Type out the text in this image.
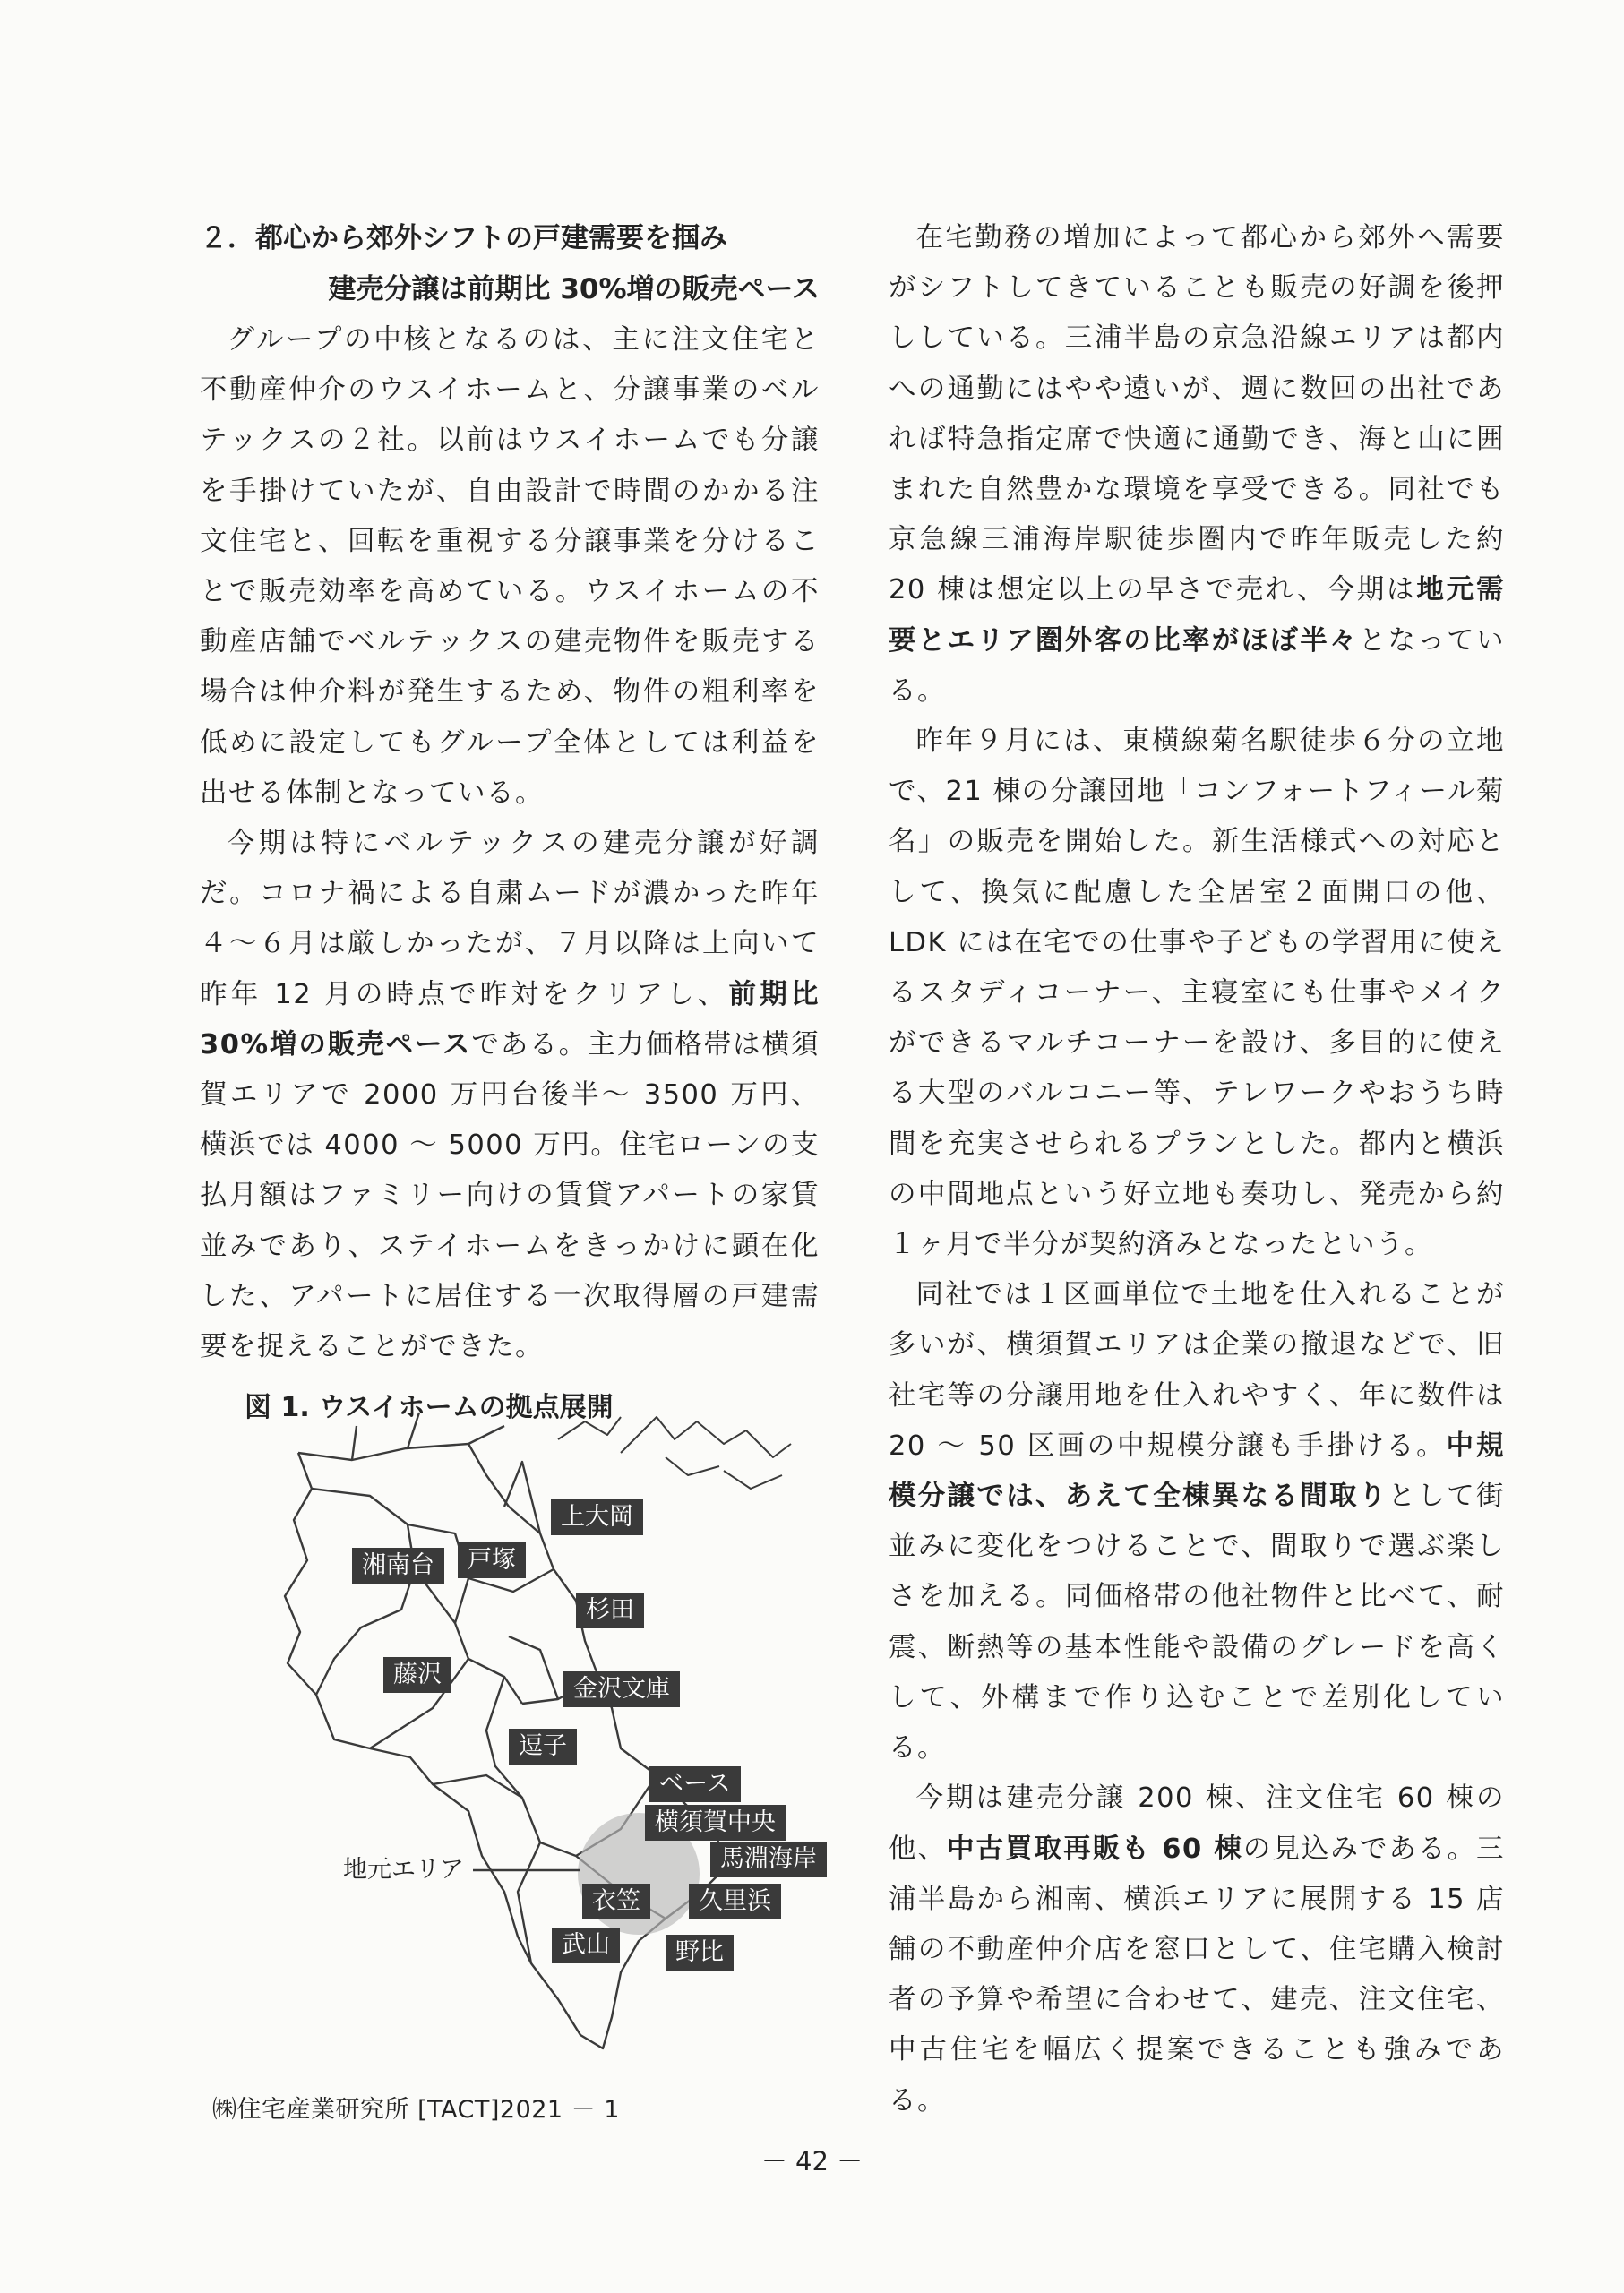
２．都心から郊外シフトの戸建需要を掴み
建売分譲は前期比 30%増の販売ペース

グループの中核となるのは、主に注文住宅と不動産仲介のウスイホームと、分譲事業のベルテックスの２社。以前はウスイホームでも分譲を手掛けていたが、自由設計で時間のかかる注文住宅と、回転を重視する分譲事業を分けることで販売効率を高めている。ウスイホームの不動産店舗でベルテックスの建売物件を販売する場合は仲介料が発生するため、物件の粗利率を低めに設定してもグループ全体としては利益を出せる体制となっている。

今期は特にベルテックスの建売分譲が好調だ。コロナ禍による自粛ムードが濃かった昨年４～６月は厳しかったが、７月以降は上向いて昨年 12 月の時点で昨対をクリアし、前期比 30%増の販売ペースである。主力価格帯は横須賀エリアで 2000 万円台後半～ 3500 万円、横浜では 4000 ～ 5000 万円。住宅ローンの支払月額はファミリー向けの賃貸アパートの家賃並みであり、ステイホームをきっかけに顕在化した、アパートに居住する一次取得層の戸建需要を捉えることができた。

図 1. ウスイホームの拠点展開
地元エリア
上大岡
湘南台	戸塚
杉田
藤沢
金沢文庫
逗子
ベース
横須賀中央
馬淵海岸
衣笠	久里浜
武山	野比

在宅勤務の増加によって都心から郊外へ需要がシフトしてきていることも販売の好調を後押ししている。三浦半島の京急沿線エリアは都内への通勤にはやや遠いが、週に数回の出社であれば特急指定席で快適に通勤でき、海と山に囲まれた自然豊かな環境を享受できる。同社でも京急線三浦海岸駅徒歩圏内で昨年販売した約 20 棟は想定以上の早さで売れ、今期は地元需要とエリア圏外客の比率がほぼ半々となっている。

昨年９月には、東横線菊名駅徒歩６分の立地で、21 棟の分譲団地「コンフォートフィール菊名」の販売を開始した。新生活様式への対応として、換気に配慮した全居室２面開口の他、LDK には在宅での仕事や子どもの学習用に使えるスタディコーナー、主寝室にも仕事やメイクができるマルチコーナーを設け、多目的に使える大型のバルコニー等、テレワークやおうち時間を充実させられるプランとした。都内と横浜の中間地点という好立地も奏功し、発売から約１ヶ月で半分が契約済みとなったという。

同社では１区画単位で土地を仕入れることが多いが、横須賀エリアは企業の撤退などで、旧社宅等の分譲用地を仕入れやすく、年に数件は 20 ～ 50 区画の中規模分譲も手掛ける。中規模分譲では、あえて全棟異なる間取りとして街並みに変化をつけることで、間取りで選ぶ楽しさを加える。同価格帯の他社物件と比べて、耐震、断熱等の基本性能や設備のグレードを高くして、外構まで作り込むことで差別化している。

今期は建売分譲 200 棟、注文住宅 60 棟の他、中古買取再販も 60 棟の見込みである。三浦半島から湘南、横浜エリアに展開する 15 店舗の不動産仲介店を窓口として、住宅購入検討者の予算や希望に合わせて、建売、注文住宅、中古住宅を幅広く提案できることも強みである。

㈱住宅産業研究所 [TACT]2021 － 1
－ 42 －
